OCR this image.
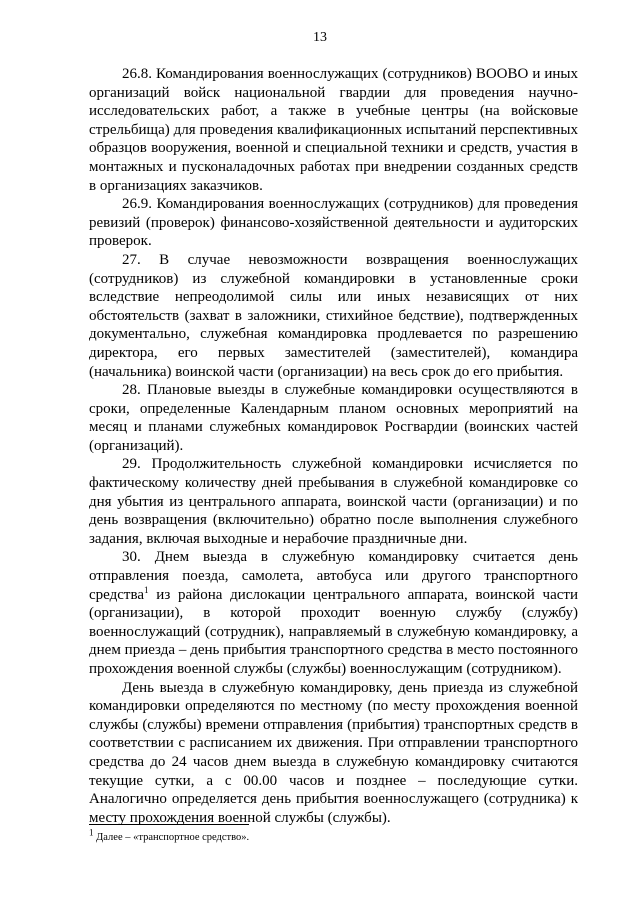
13

26.8. Командирования военнослужащих (сотрудников) ВООВО и иных организаций войск национальной гвардии для проведения научно-исследовательских работ, а также в учебные центры (на войсковые стрельбища) для проведения квалификационных испытаний перспективных образцов вооружения, военной и специальной техники и средств, участия в монтажных и пусконаладочных работах при внедрении созданных средств в организациях заказчиков.

26.9. Командирования военнослужащих (сотрудников) для проведения ревизий (проверок) финансово-хозяйственной деятельности и аудиторских проверок.

27. В случае невозможности возвращения военнослужащих (сотрудников) из служебной командировки в установленные сроки вследствие непреодолимой силы или иных независящих от них обстоятельств (захват в заложники, стихийное бедствие), подтвержденных документально, служебная командировка продлевается по разрешению директора, его первых заместителей (заместителей), командира (начальника) воинской части (организации) на весь срок до его прибытия.

28. Плановые выезды в служебные командировки осуществляются в сроки, определенные Календарным планом основных мероприятий на месяц и планами служебных командировок Росгвардии (воинских частей (организаций).

29. Продолжительность служебной командировки исчисляется по фактическому количеству дней пребывания в служебной командировке со дня убытия из центрального аппарата, воинской части (организации) и по день возвращения (включительно) обратно после выполнения служебного задания, включая выходные и нерабочие праздничные дни.

30. Днем выезда в служебную командировку считается день отправления поезда, самолета, автобуса или другого транспортного средства$^1$ из района дислокации центрального аппарата, воинской части (организации), в которой проходит военную службу (службу) военнослужащий (сотрудник), направляемый в служебную командировку, а днем приезда – день прибытия транспортного средства в место постоянного прохождения военной службы (службы) военнослужащим (сотрудником).

День выезда в служебную командировку, день приезда из служебной командировки определяются по местному (по месту прохождения военной службы (службы) времени отправления (прибытия) транспортных средств в соответствии с расписанием их движения. При отправлении транспортного средства до 24 часов днем выезда в служебную командировку считаются текущие сутки, а с 00.00 часов и позднее – последующие сутки. Аналогично определяется день прибытия военнослужащего (сотрудника) к месту прохождения военной службы (службы).

$^1$ Далее – «транспортное средство».
